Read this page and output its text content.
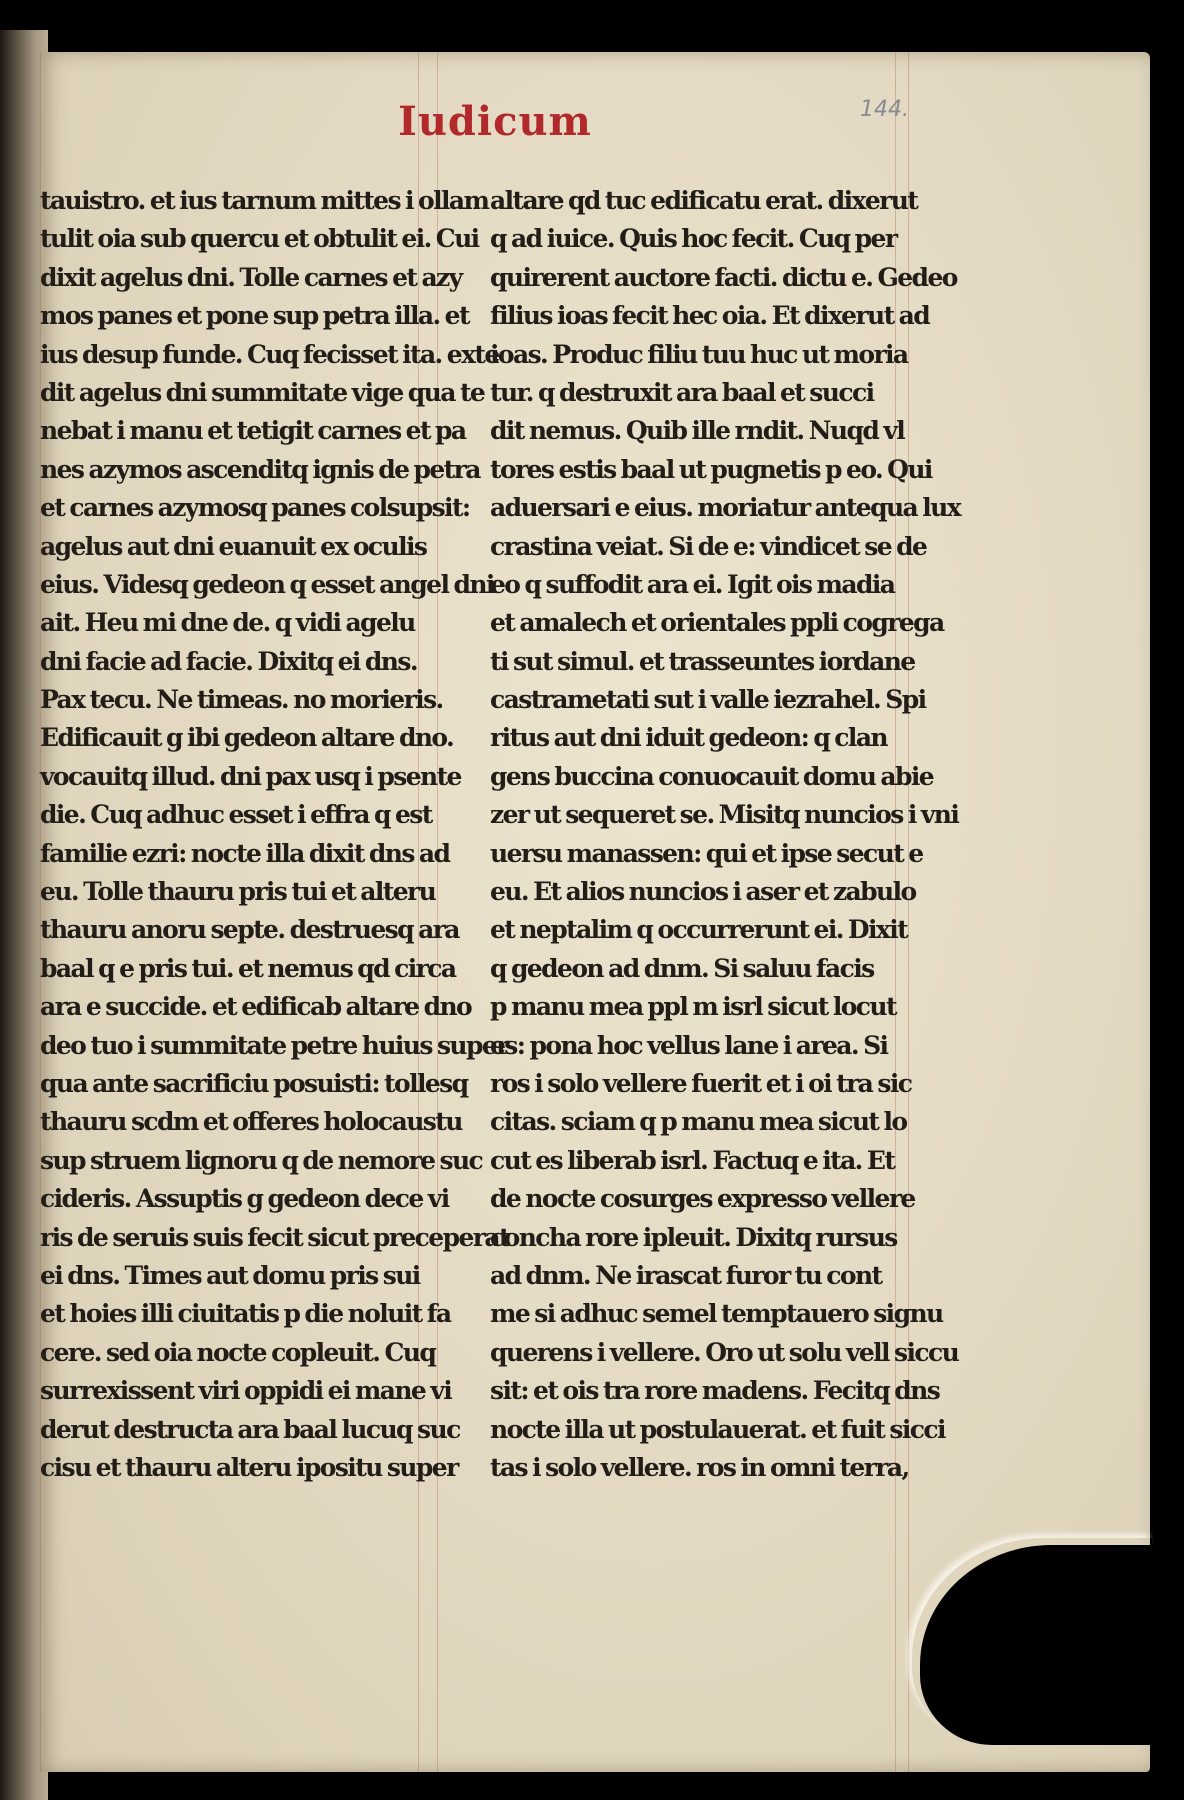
Iudicum	144.
tauistro. et ius tarnum mittes i ollam
tulit oia sub quercu et obtulit ei. Cui
dixit agelus dni. Tolle carnes et azy
mos panes et pone sup petra illa. et
ius desup funde. Cuq fecisset ita. exte
dit agelus dni summitate vige qua te
nebat i manu et tetigit carnes et pa
nes azymos ascenditq ignis de petra
et carnes azymosq panes colsupsit:
agelus aut dni euanuit ex oculis
eius. Videsq gedeon q esset angel dni
ait. Heu mi dne de. q vidi agelu
dni facie ad facie. Dixitq ei dns.
Pax tecu. Ne timeas. no morieris.
Edificauit g ibi gedeon altare dno.
vocauitq illud. dni pax usq i psente
die. Cuq adhuc esset i effra q est
familie ezri: nocte illa dixit dns ad
eu. Tolle thauru pris tui et alteru
thauru anoru septe. destruesq ara
baal q e pris tui. et nemus qd circa
ara e succide. et edificab altare dno
deo tuo i summitate petre huius super
qua ante sacrificiu posuisti: tollesq
thauru scdm et offeres holocaustu
sup struem lignoru q de nemore suc
cideris. Assuptis g gedeon dece vi
ris de seruis suis fecit sicut preceperat
ei dns. Times aut domu pris sui
et hoies illi ciuitatis p die noluit fa
cere. sed oia nocte copleuit. Cuq
surrexissent viri oppidi ei mane vi
derut destructa ara baal lucuq suc
cisu et thauru alteru ipositu super
altare qd tuc edificatu erat. dixerut
q ad iuice. Quis hoc fecit. Cuq per
quirerent auctore facti. dictu e. Gedeo
filius ioas fecit hec oia. Et dixerut ad
ioas. Produc filiu tuu huc ut moria
tur. q destruxit ara baal et succi
dit nemus. Quib ille rndit. Nuqd vl
tores estis baal ut pugnetis p eo. Qui
aduersari e eius. moriatur antequa lux
crastina veiat. Si de e: vindicet se de
eo q suffodit ara ei. Igit ois madia
et amalech et orientales ppli cogrega
ti sut simul. et trasseuntes iordane
castrametati sut i valle iezrahel. Spi
ritus aut dni iduit gedeon: q clan
gens buccina conuocauit domu abie
zer ut sequeret se. Misitq nuncios i vni
uersu manassen: qui et ipse secut e
eu. Et alios nuncios i aser et zabulo
et neptalim q occurrerunt ei. Dixit
q gedeon ad dnm. Si saluu facis
p manu mea ppl m isrl sicut locut
es: pona hoc vellus lane i area. Si
ros i solo vellere fuerit et i oi tra sic
citas. sciam q p manu mea sicut lo
cut es liberab isrl. Factuq e ita. Et
de nocte cosurges expresso vellere
concha rore ipleuit. Dixitq rursus
ad dnm. Ne irascat furor tu cont
me si adhuc semel temptauero signu
querens i vellere. Oro ut solu vell siccu
sit: et ois tra rore madens. Fecitq dns
nocte illa ut postulauerat. et fuit sicci
tas i solo vellere. ros in omni terra,
